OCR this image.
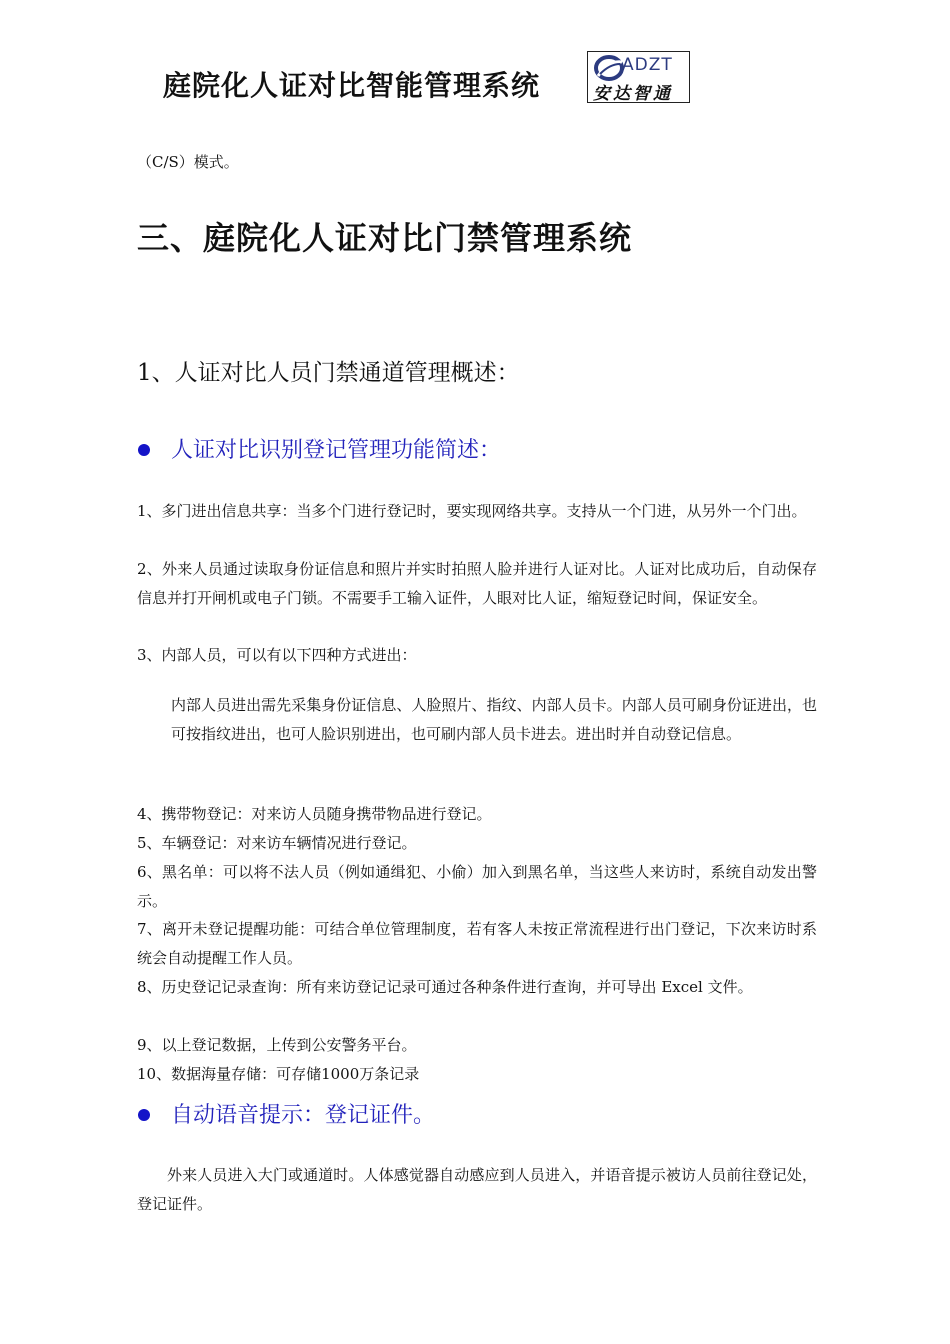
庭院化人证对比智能管理系统
ADZT
安达智通
（C/S）模式。
三、庭院化人证对比门禁管理系统
1、人证对比人员门禁通道管理概述：
人证对比识别登记管理功能简述：
1、多门进出信息共享：当多个门进行登记时，要实现网络共享。支持从一个门进，从另外一个门出。
2、外来人员通过读取身份证信息和照片并实时拍照人脸并进行人证对比。人证对比成功后，自动保存信息并打开闸机或电子门锁。不需要手工输入证件，人眼对比人证，缩短登记时间，保证安全。
3、内部人员，可以有以下四种方式进出：
内部人员进出需先采集身份证信息、人脸照片、指纹、内部人员卡。内部人员可刷身份证进出，也可按指纹进出，也可人脸识别进出，也可刷内部人员卡进去。进出时并自动登记信息。
4、携带物登记：对来访人员随身携带物品进行登记。
5、车辆登记：对来访车辆情况进行登记。
6、黑名单：可以将不法人员（例如通缉犯、小偷）加入到黑名单，当这些人来访时，系统自动发出警示。
7、离开未登记提醒功能：可结合单位管理制度，若有客人未按正常流程进行出门登记，下次来访时系统会自动提醒工作人员。
8、历史登记记录查询：所有来访登记记录可通过各种条件进行查询，并可导出 Excel 文件。
9、以上登记数据，上传到公安警务平台。
10、数据海量存储：可存储1000万条记录
自动语音提示：登记证件。
外来人员进入大门或通道时。人体感觉器自动感应到人员进入，并语音提示被访人员前往登记处，登记证件。
